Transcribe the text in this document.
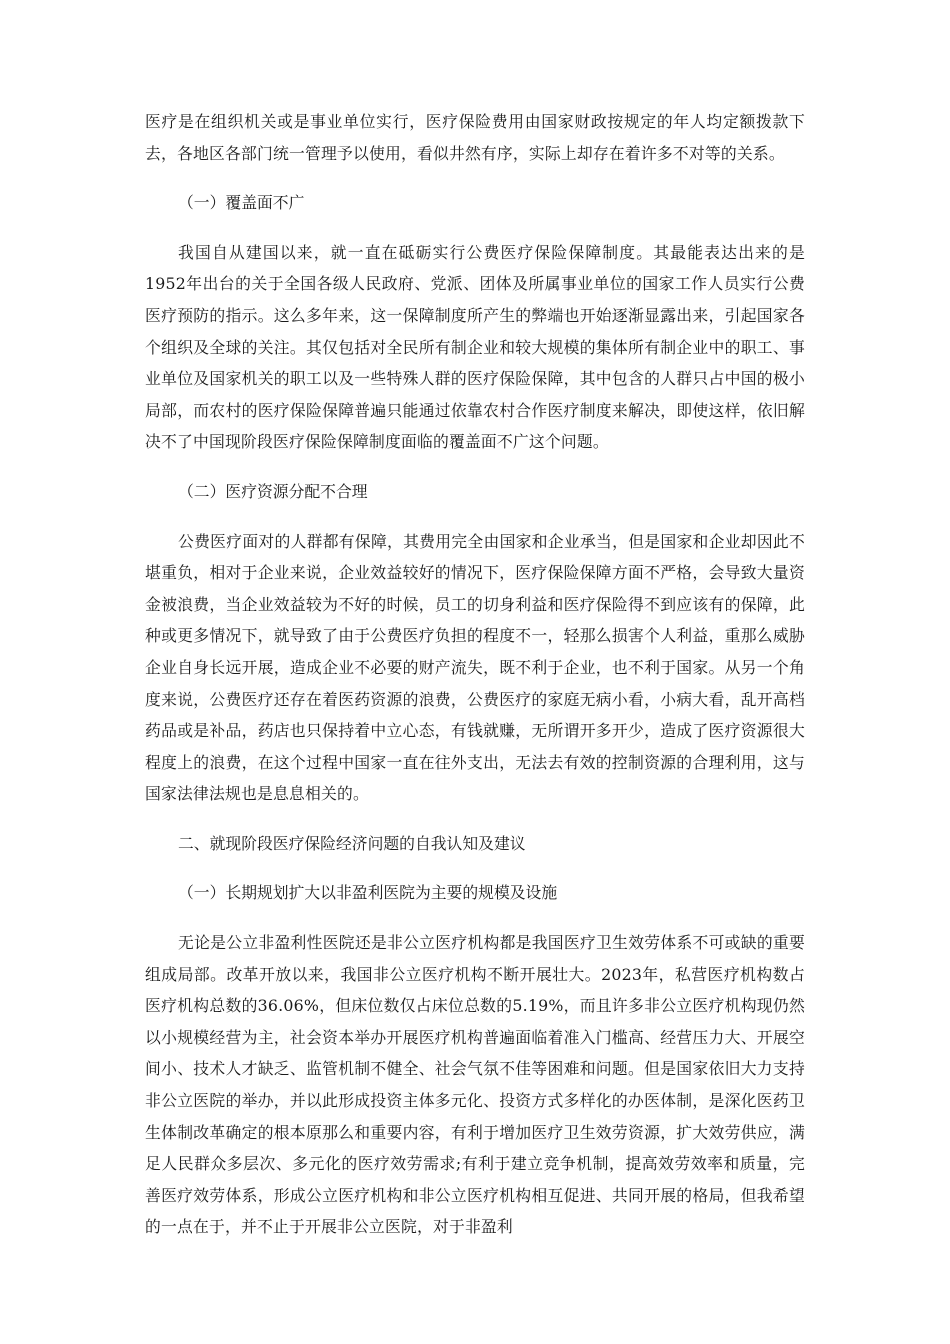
医疗是在组织机关或是事业单位实行，医疗保险费用由国家财政按规定的年人均定额拨款下去，各地区各部门统一管理予以使用，看似井然有序，实际上却存在着许多不对等的关系。

（一）覆盖面不广

我国自从建国以来，就一直在砥砺实行公费医疗保险保障制度。其最能表达出来的是1952年出台的关于全国各级人民政府、党派、团体及所属事业单位的国家工作人员实行公费医疗预防的指示。这么多年来，这一保障制度所产生的弊端也开始逐渐显露出来，引起国家各个组织及全球的关注。其仅包括对全民所有制企业和较大规模的集体所有制企业中的职工、事业单位及国家机关的职工以及一些特殊人群的医疗保险保障，其中包含的人群只占中国的极小局部，而农村的医疗保险保障普遍只能通过依靠农村合作医疗制度来解决，即使这样，依旧解决不了中国现阶段医疗保险保障制度面临的覆盖面不广这个问题。

（二）医疗资源分配不合理

公费医疗面对的人群都有保障，其费用完全由国家和企业承当，但是国家和企业却因此不堪重负，相对于企业来说，企业效益较好的情况下，医疗保险保障方面不严格，会导致大量资金被浪费，当企业效益较为不好的时候，员工的切身利益和医疗保险得不到应该有的保障，此种或更多情况下，就导致了由于公费医疗负担的程度不一，轻那么损害个人利益，重那么威胁企业自身长远开展，造成企业不必要的财产流失，既不利于企业，也不利于国家。从另一个角度来说，公费医疗还存在着医药资源的浪费，公费医疗的家庭无病小看，小病大看，乱开高档药品或是补品，药店也只保持着中立心态，有钱就赚，无所谓开多开少，造成了医疗资源很大程度上的浪费，在这个过程中国家一直在往外支出，无法去有效的控制资源的合理利用，这与国家法律法规也是息息相关的。

二、就现阶段医疗保险经济问题的自我认知及建议

（一）长期规划扩大以非盈利医院为主要的规模及设施

无论是公立非盈利性医院还是非公立医疗机构都是我国医疗卫生效劳体系不可或缺的重要组成局部。改革开放以来，我国非公立医疗机构不断开展壮大。2023年，私营医疗机构数占医疗机构总数的36.06%，但床位数仅占床位总数的5.19%，而且许多非公立医疗机构现仍然以小规模经营为主，社会资本举办开展医疗机构普遍面临着准入门槛高、经营压力大、开展空间小、技术人才缺乏、监管机制不健全、社会气氛不佳等困难和问题。但是国家依旧大力支持非公立医院的举办，并以此形成投资主体多元化、投资方式多样化的办医体制，是深化医药卫生体制改革确定的根本原那么和重要内容，有利于增加医疗卫生效劳资源，扩大效劳供应，满足人民群众多层次、多元化的医疗效劳需求;有利于建立竞争机制，提高效劳效率和质量，完善医疗效劳体系，形成公立医疗机构和非公立医疗机构相互促进、共同开展的格局，但我希望的一点在于，并不止于开展非公立医院，对于非盈利
